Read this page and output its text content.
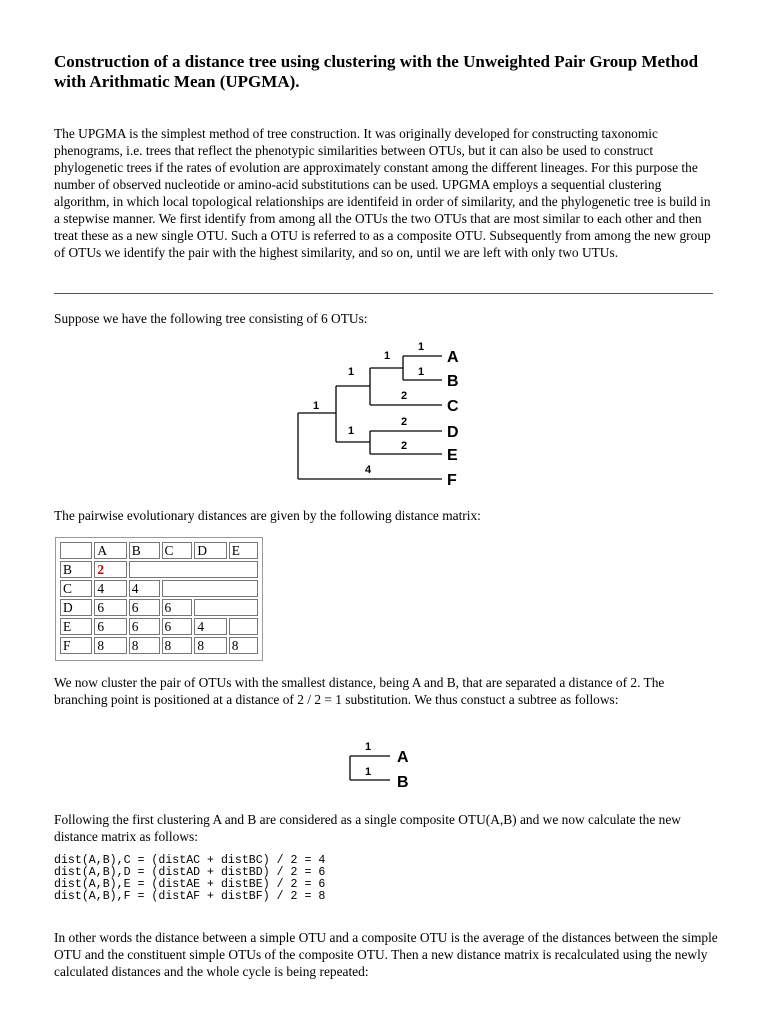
Construction of a distance tree using clustering with the Unweighted Pair Group Method with Arithmatic Mean (UPGMA).

The UPGMA is the simplest method of tree construction. It was originally developed for constructing taxonomic phenograms, i.e. trees that reflect the phenotypic similarities between OTUs, but it can also be used to construct phylogenetic trees if the rates of evolution are approximately constant among the different lineages. For this purpose the number of observed nucleotide or amino-acid substitutions can be used. UPGMA employs a sequential clustering algorithm, in which local topological relationships are identifeid in order of similarity, and the phylogenetic tree is build in a stepwise manner. We first identify from among all the OTUs the two OTUs that are most similar to each other and then treat these as a new single OTU. Such a OTU is referred to as a composite OTU. Subsequently from among the new group of OTUs we identify the pair with the highest similarity, and so on, until we are left with only two UTUs.

Suppose we have the following tree consisting of 6 OTUs:

1
1
1
2
1
2
2
1
4
1
A
B
C
D
E
F

The pairwise evolutionary distances are given by the following distance matrix:

	A	B	C	D	E
B	2				
C	4	4			
D	6	6	6		
E	6	6	6	4	
F	8	8	8	8	8

We now cluster the pair of OTUs with the smallest distance, being A and B, that are separated a distance of 2. The branching point is positioned at a distance of 2 / 2 = 1 substitution. We thus constuct a subtree as follows:

1
1
A
B

Following the first clustering A and B are considered as a single composite OTU(A,B) and we now calculate the new distance matrix as follows:

dist(A,B),C = (distAC + distBC) / 2 = 4
dist(A,B),D = (distAD + distBD) / 2 = 6
dist(A,B),E = (distAE + distBE) / 2 = 6
dist(A,B),F = (distAF + distBF) / 2 = 8

In other words the distance between a simple OTU and a composite OTU is the average of the distances between the simple OTU and the constituent simple OTUs of the composite OTU. Then a new distance matrix is recalculated using the newly calculated distances and the whole cycle is being repeated:
